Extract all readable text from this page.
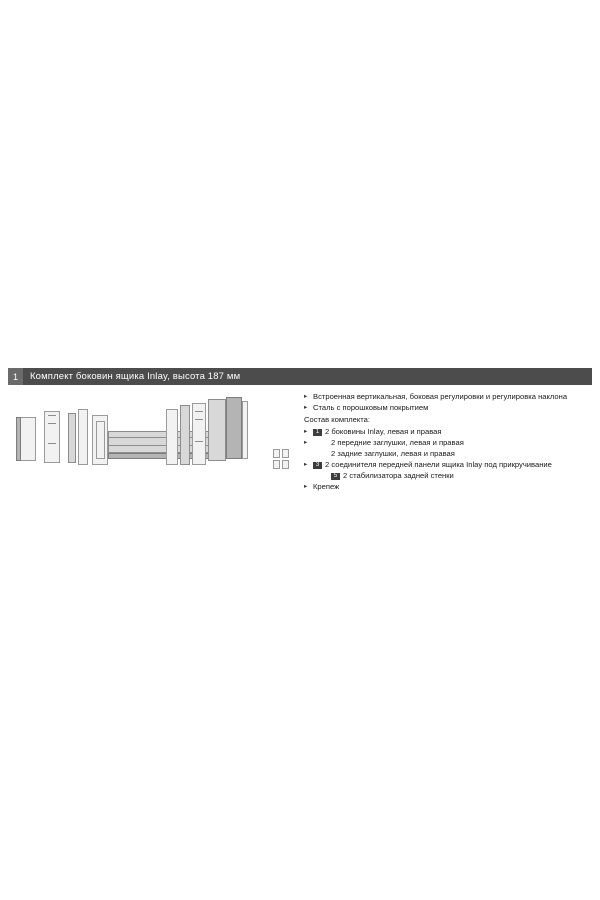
1	Комплект боковин ящика Inlay, высота 187 мм
▸ Встроенная вертикальная, боковая регулировки и регулировка наклона
▸ Сталь с порошковым покрытием
Состав комплекта:
▸	1 2 боковины Inlay, левая и правая
▸	2 передние заглушки, левая и правая
2 задние заглушки, левая и правая
▸	3 2 соединителя передней панели ящика Inlay под прикручивание
5 2 стабилизатора задней стенки
▸ Крепеж
